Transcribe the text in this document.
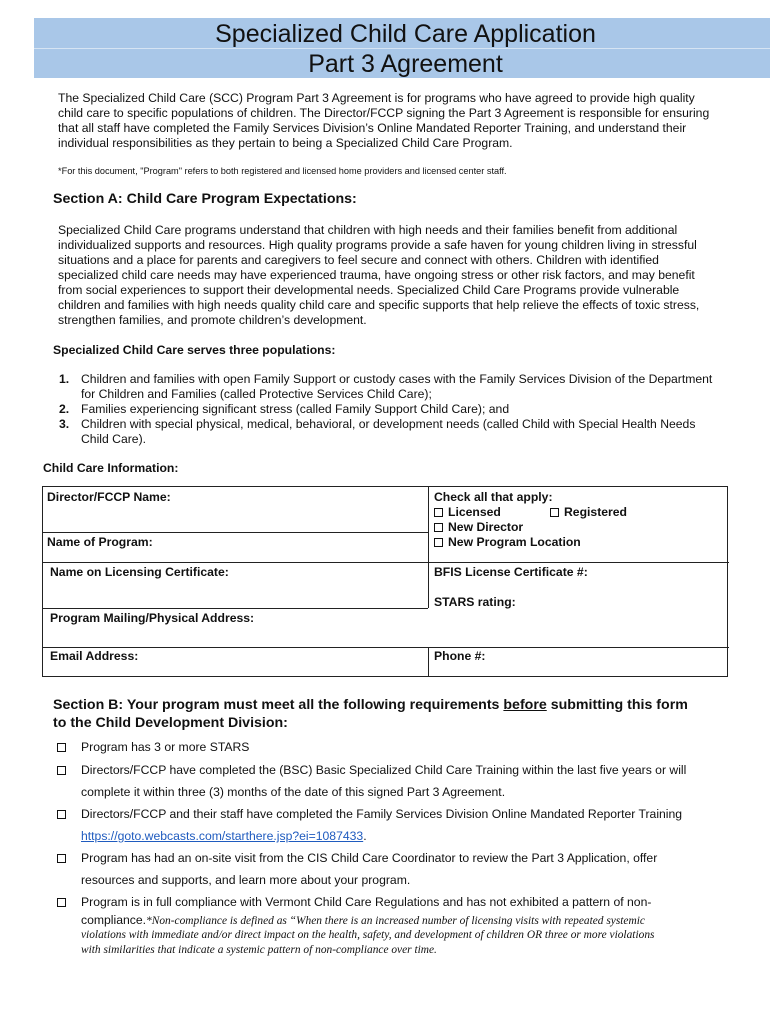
Specialized Child Care Application
Part 3 Agreement
The Specialized Child Care (SCC) Program Part 3 Agreement is for programs who have agreed to provide high quality
child care to specific populations of children. The Director/FCCP signing the Part 3 Agreement is responsible for ensuring
that all staff have completed the Family Services Division’s Online Mandated Reporter Training, and understand their
individual responsibilities as they pertain to being a Specialized Child Care Program.
*For this document, "Program" refers to both registered and licensed home providers and licensed center staff.
Section A: Child Care Program Expectations:
Specialized Child Care programs understand that children with high needs and their families benefit from additional
individualized supports and resources. High quality programs provide a safe haven for young children living in stressful
situations and a place for parents and caregivers to feel secure and connect with others. Children with identified
specialized child care needs may have experienced trauma, have ongoing stress or other risk factors, and may benefit
from social experiences to support their developmental needs. Specialized Child Care Programs provide vulnerable
children and families with high needs quality child care and specific supports that help relieve the effects of toxic stress,
strengthen families, and promote children’s development.
Specialized Child Care serves three populations:
1. Children and families with open Family Support or custody cases with the Family Services Division of the Department
for Children and Families (called Protective Services Child Care);
2. Families experiencing significant stress (called Family Support Child Care); and
3. Children with special physical, medical, behavioral, or development needs (called Child with Special Health Needs
Child Care).
Child Care Information:
Director/FCCP Name:
Name of Program:
Check all that apply:
Licensed	Registered
New Director
New Program Location
Name on Licensing Certificate:	BFIS License Certificate #:
STARS rating:
Program Mailing/Physical Address:
Email Address:	Phone #:
Section B: Your program must meet all the following requirements before submitting this form
to the Child Development Division:
Program has 3 or more STARS
Directors/FCCP have completed the (BSC) Basic Specialized Child Care Training within the last five years or will
complete it within three (3) months of the date of this signed Part 3 Agreement.
Directors/FCCP and their staff have completed the Family Services Division Online Mandated Reporter Training
https://goto.webcasts.com/starthere.jsp?ei=1087433.
Program has had an on-site visit from the CIS Child Care Coordinator to review the Part 3 Application, offer
resources and supports, and learn more about your program.
Program is in full compliance with Vermont Child Care Regulations and has not exhibited a pattern of non-
compliance.*Non-compliance is defined as “When there is an increased number of licensing visits with repeated systemic
violations with immediate and/or direct impact on the health, safety, and development of children OR three or more violations
with similarities that indicate a systemic pattern of non-compliance over time.
